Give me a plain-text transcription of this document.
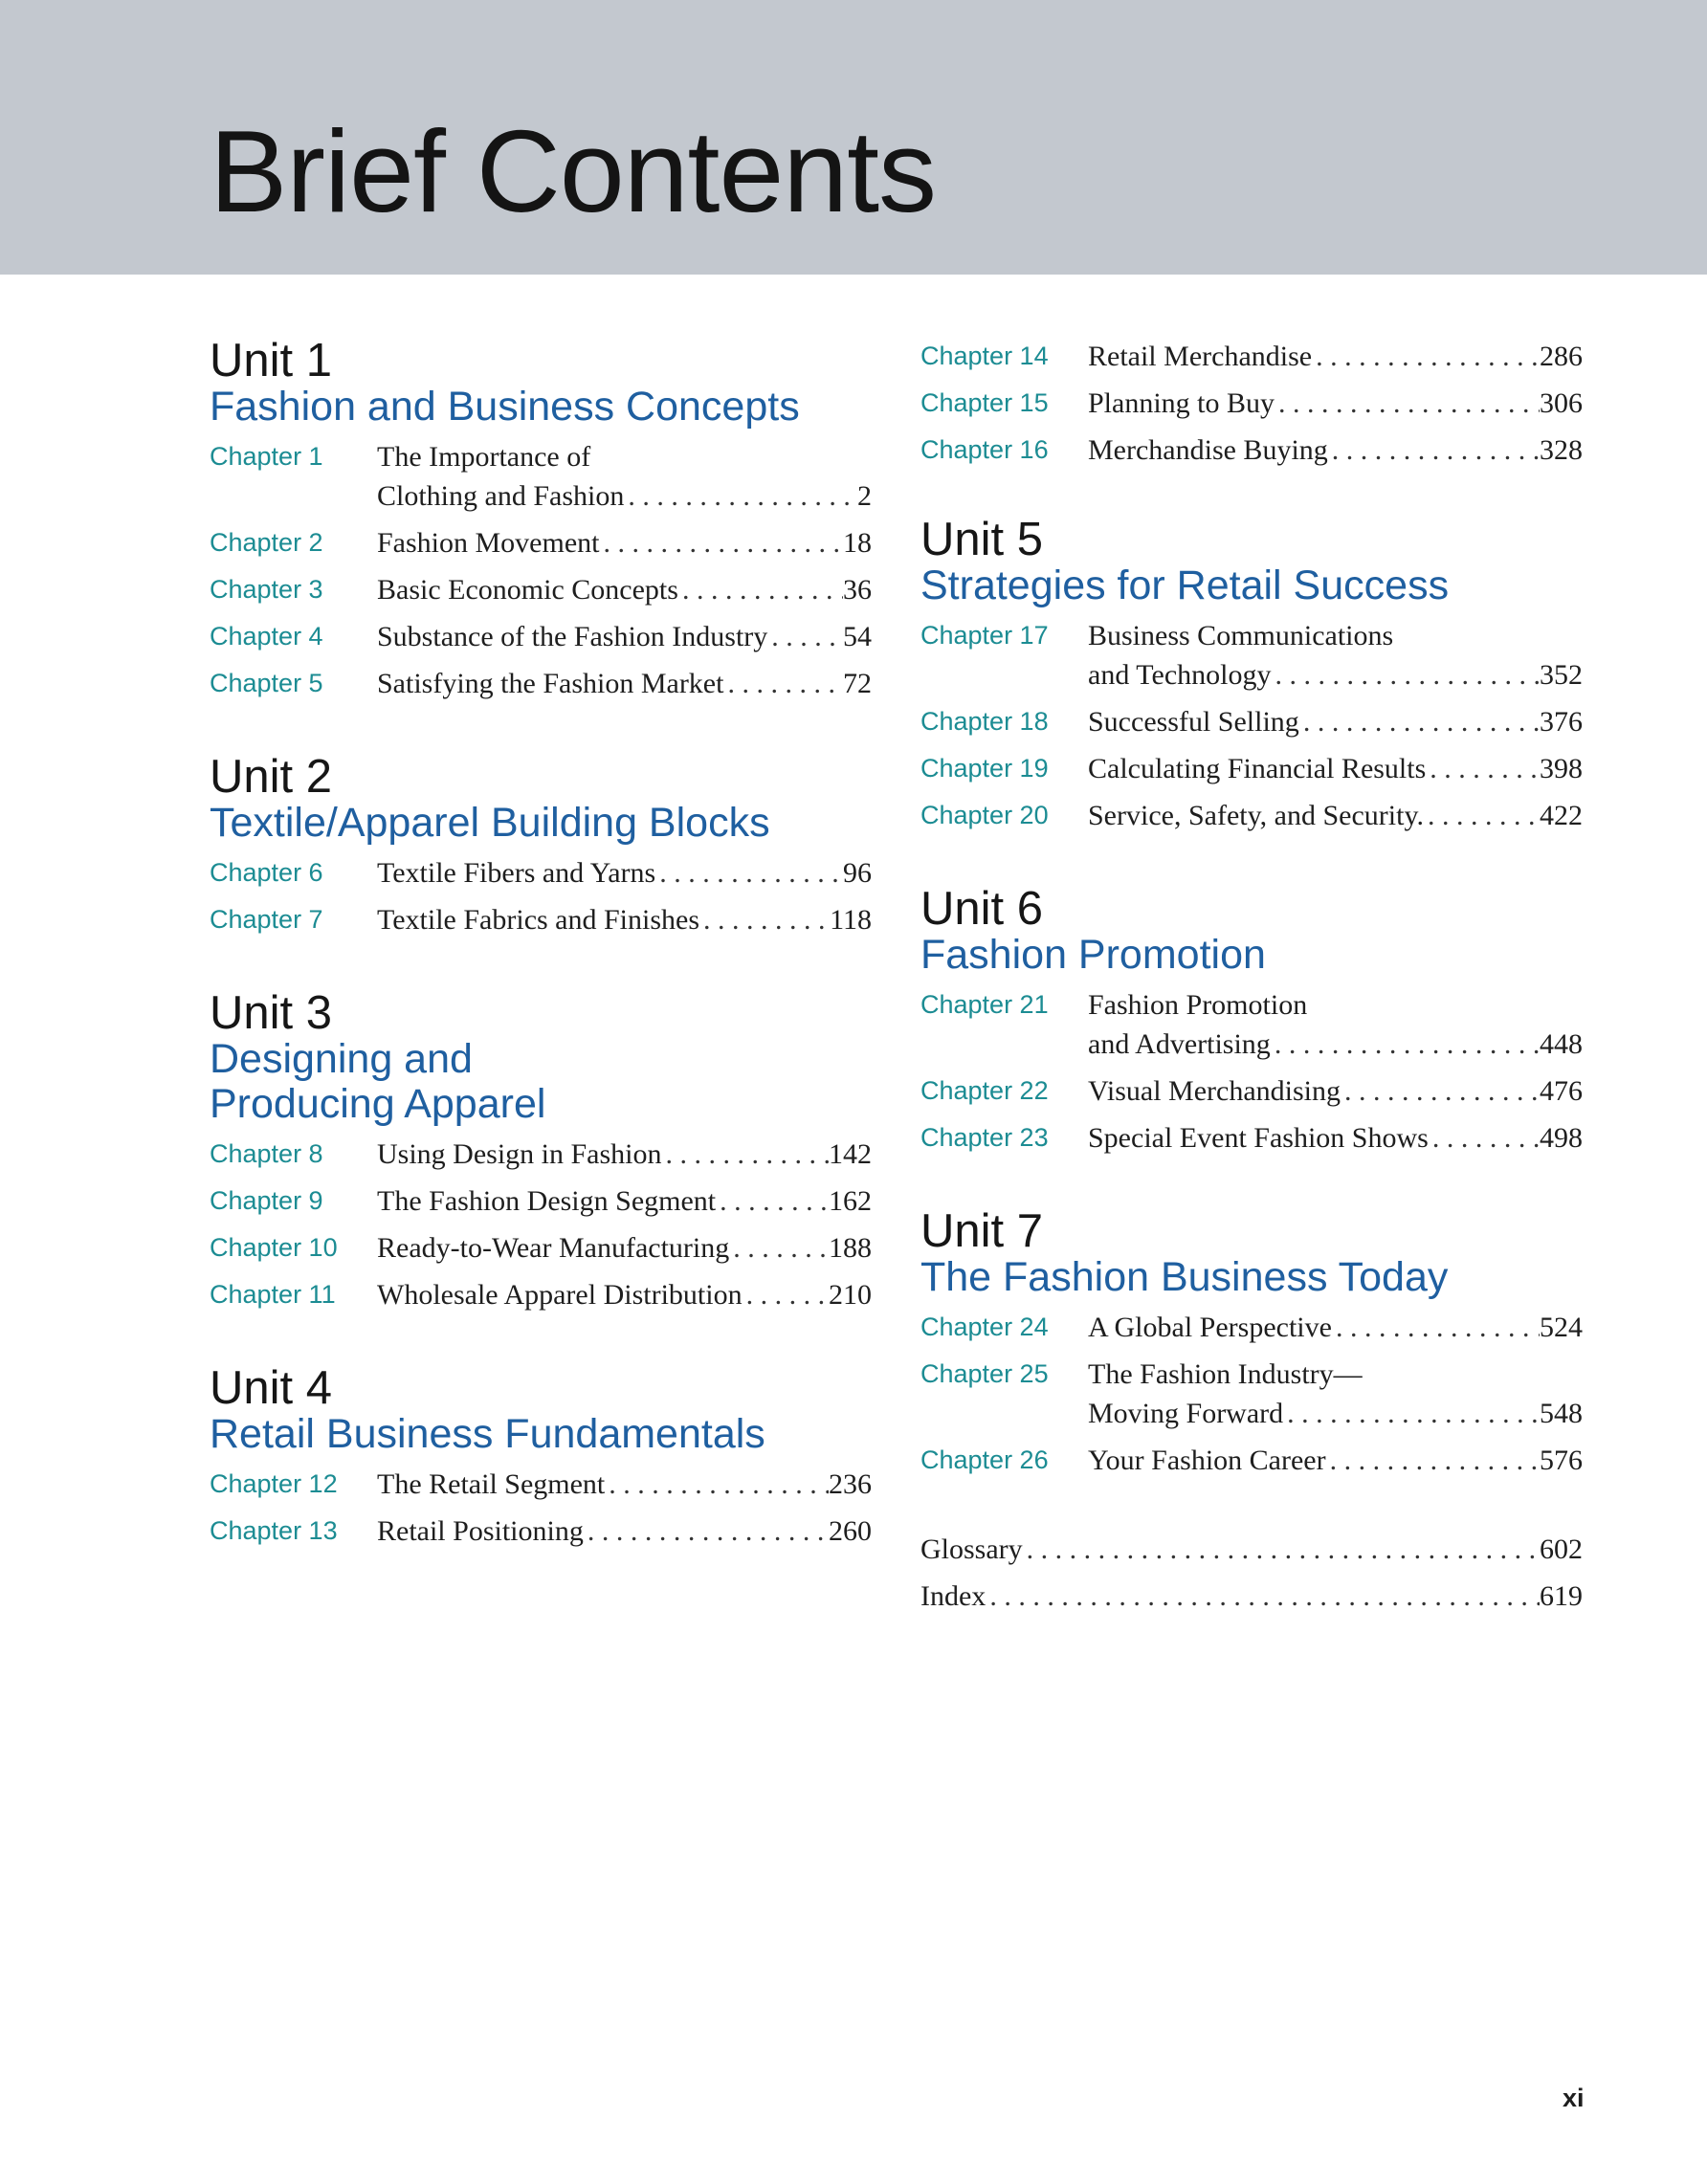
Brief Contents
Unit 1
Fashion and Business Concepts
Chapter 1	The Importance of
Clothing and Fashion . . .	2
Chapter 2	Fashion Movement . . .	18
Chapter 3	Basic Economic Concepts . . .	36
Chapter 4	Substance of the Fashion Industry . . .	54
Chapter 5	Satisfying the Fashion Market . . .	72
Unit 2
Textile/Apparel Building Blocks
Chapter 6	Textile Fibers and Yarns . . .	96
Chapter 7	Textile Fabrics and Finishes . . .	118
Unit 3
Designing and
Producing Apparel
Chapter 8	Using Design in Fashion . . .	142
Chapter 9	The Fashion Design Segment . . .	162
Chapter 10	Ready-to-Wear Manufacturing . . .	188
Chapter 11	Wholesale Apparel Distribution . . .	210
Unit 4
Retail Business Fundamentals
Chapter 12	The Retail Segment . . .	236
Chapter 13	Retail Positioning . . .	260
Chapter 14	Retail Merchandise . . .	286
Chapter 15	Planning to Buy . . .	306
Chapter 16	Merchandise Buying . . .	328
Unit 5
Strategies for Retail Success
Chapter 17	Business Communications
and Technology . . .	352
Chapter 18	Successful Selling . . .	376
Chapter 19	Calculating Financial Results . . .	398
Chapter 20	Service, Safety, and Security. . . .	422
Unit 6
Fashion Promotion
Chapter 21	Fashion Promotion
and Advertising . . .	448
Chapter 22	Visual Merchandising . . .	476
Chapter 23	Special Event Fashion Shows . . .	498
Unit 7
The Fashion Business Today
Chapter 24	A Global Perspective . . .	524
Chapter 25	The Fashion Industry—
Moving Forward . . .	548
Chapter 26	Your Fashion Career . . .	576
Glossary . . .	602
Index . . .	619
xi
